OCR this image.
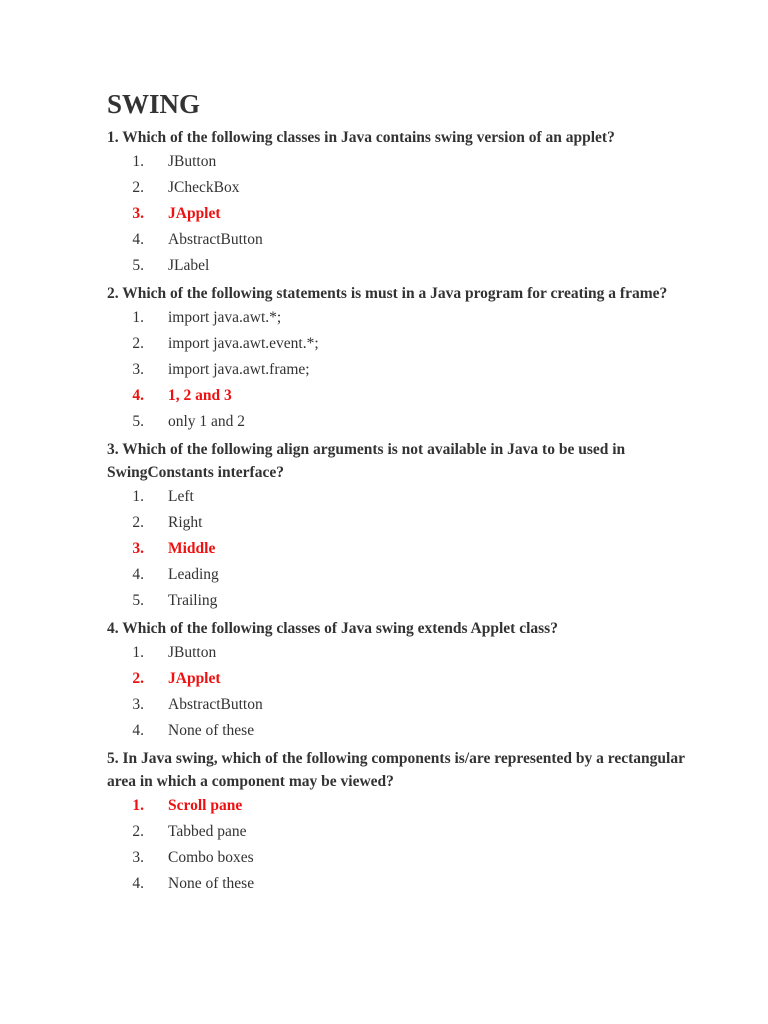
SWING

1. Which of the following classes in Java contains swing version of an applet?

1.	JButton
2.	JCheckBox
3.	JApplet
4.	AbstractButton
5.	JLabel

2. Which of the following statements is must in a Java program for creating a frame?

1.	import java.awt.*;
2.	import java.awt.event.*;
3.	import java.awt.frame;
4.	1, 2 and 3
5.	only 1 and 2

3. Which of the following align arguments is not available in Java to be used in SwingConstants interface?

1.	Left
2.	Right
3.	Middle
4.	Leading
5.	Trailing

4. Which of the following classes of Java swing extends Applet class?

1.	JButton
2.	JApplet
3.	AbstractButton
4.	None of these

5. In Java swing, which of the following components is/are represented by a rectangular area in which a component may be viewed?

1.	Scroll pane
2.	Tabbed pane
3.	Combo boxes
4.	None of these
